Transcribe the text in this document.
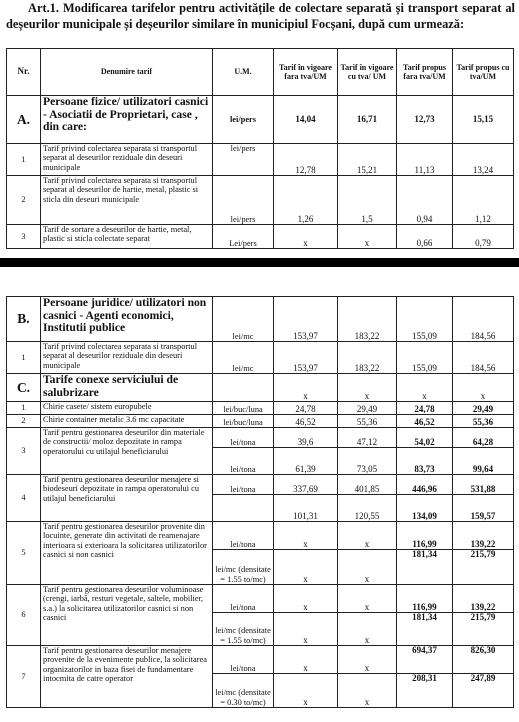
Art.1. Modificarea tarifelor pentru activitățile de colectare separată și transport separat al deșeurilor municipale și deșeurilor similare în municipiul Focșani, după cum urmează:
Nr.	Denumire tarif	U.M.	Tarif în vigoare fara tva/UM	Tarif în vigoare cu tva/ UM	Tarif propus fara tva/UM	Tarif propus cu tva/UM
A.	Persoane fizice/ utilizatori casnici - Asociatii de Proprietari, case , din care:	lei/pers	14,04	16,71	12,73	15,15
1	Tarif privind colectarea separata si transportul separat al deseurilor reziduale din deseuri municipale	lei/pers	12,78	15,21	11,13	13,24
2	Tarif privind colectarea separata si transportul separat al deseurilor de hartie, metal, plastic si sticla din deseuri municipale	lei/pers	1,26	1,5	0,94	1,12
3	Tarif de sortare a deseurilor de hartie, metal, plastic si sticla colectate separat	Lei/pers	x	x	0,66	0,79
B.	Persoane juridice/ utilizatori non casnici - Agenti economici, Institutii publice	lei/mc	153,97	183,22	155,09	184,56
1	Tarif privind colectarea separata si transportul separat al deseurilor reziduale din deseuri municipale	lei/mc	153,97	183,22	155,09	184,56
C.	Tarife conexe serviciului de salubrizare		x	x	x	x
1	Chirie casete/ sistem europubele	lei/buc/luna	24,78	29,49	24,78	29,49
2	Chirie container metalic 3.6 mc capacitate	lei/buc/luna	46,52	55,36	46,52	55,36
3	Tarif pentru gestionarea deseurilor din materiale de constructii/ moloz depozitate in rampa operatorului cu utilajul beneficiarului	lei/tona	39,6	47,12	54,02	64,28
		lei/tona	61,39	73,05	83,73	99,64
4	Tarif pentru gestionarea deseurilor menajere si biodeseuri depozitate in rampa operatorului cu utilajul beneficiarului	lei/tona	337,69	401,85	446,96	531,88
			101,31	120,55	134,09	159,57
5	Tarif pentru gestionarea deseurilor provenite din locuinte, generate din activitati de reamenajare interioara si exterioara la solicitarea utilizatorilor casnici si non casnici	lei/tona	x	x	116,99	139,22
		lei/mc (densitate = 1.55 to/mc)	x	x	181,34	215,79
6	Tarif pentru gestionarea deseurilor voluminoase (crengi, iarbă, resturi vegetale, saltele, mobilier, s.a.) la solicitarea utilizatorilor casnici si non casnici	lei/tona	x	x	116,99	139,22
		lei/mc (densitate = 1.55 to/mc)	x	x	181,34	215,79
7	Tarif pentru gestionarea deseurilor menajere provenite de la evenimente publice, la solicitarea organizatorilor in baza fisei de fundamentare intocmita de catre operator	lei/tona	x	x	694,37	826,30
		lei/mc (densitate = 0.30 to/mc)	x	x	208,31	247,89
